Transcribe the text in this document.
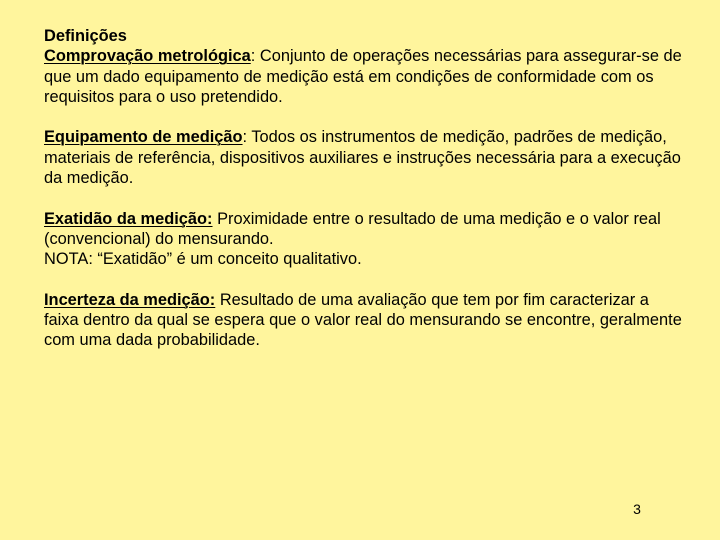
Definições
Comprovação metrológica: Conjunto de operações necessárias para assegurar-se de que um dado equipamento de medição está em condições de conformidade com os requisitos para o uso pretendido.

Equipamento de medição: Todos os instrumentos de medição, padrões de medição, materiais de referência, dispositivos auxiliares e instruções necessária para a execução da medição.

Exatidão da medição: Proximidade entre o resultado de uma medição e o valor real (convencional) do mensurando.
NOTA: “Exatidão” é um conceito qualitativo.

Incerteza da medição: Resultado de uma avaliação que tem por fim caracterizar a faixa dentro da qual se espera que o valor real do mensurando se encontre, geralmente com uma dada probabilidade.

3
